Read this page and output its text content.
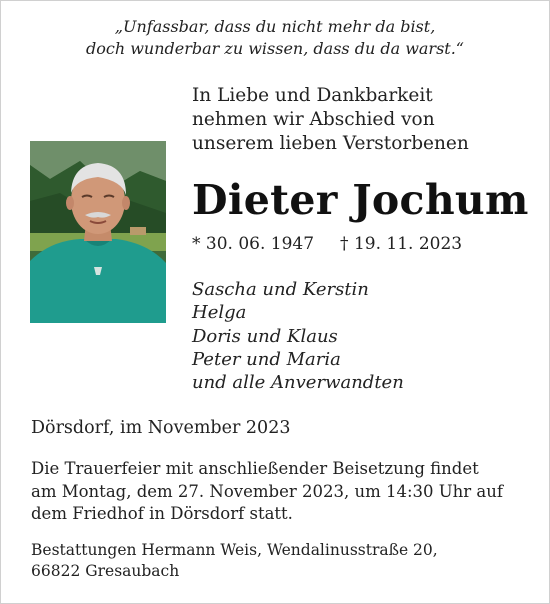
„Unfassbar, dass du nicht mehr da bist,
doch wunderbar zu wissen, dass du da warst.“
In Liebe und Dankbarkeit
nehmen wir Abschied von
unserem lieben Verstorbenen
Dieter Jochum
* 30. 06. 1947 † 19. 11. 2023
Sascha und Kerstin
Helga
Doris und Klaus
Peter und Maria
und alle Anverwandten
Dörsdorf, im November 2023
Die Trauerfeier mit anschließender Beisetzung findet
am Montag, dem 27. November 2023, um 14:30 Uhr auf
dem Friedhof in Dörsdorf statt.
Bestattungen Hermann Weis, Wendalinusstraße 20,
66822 Gresaubach
